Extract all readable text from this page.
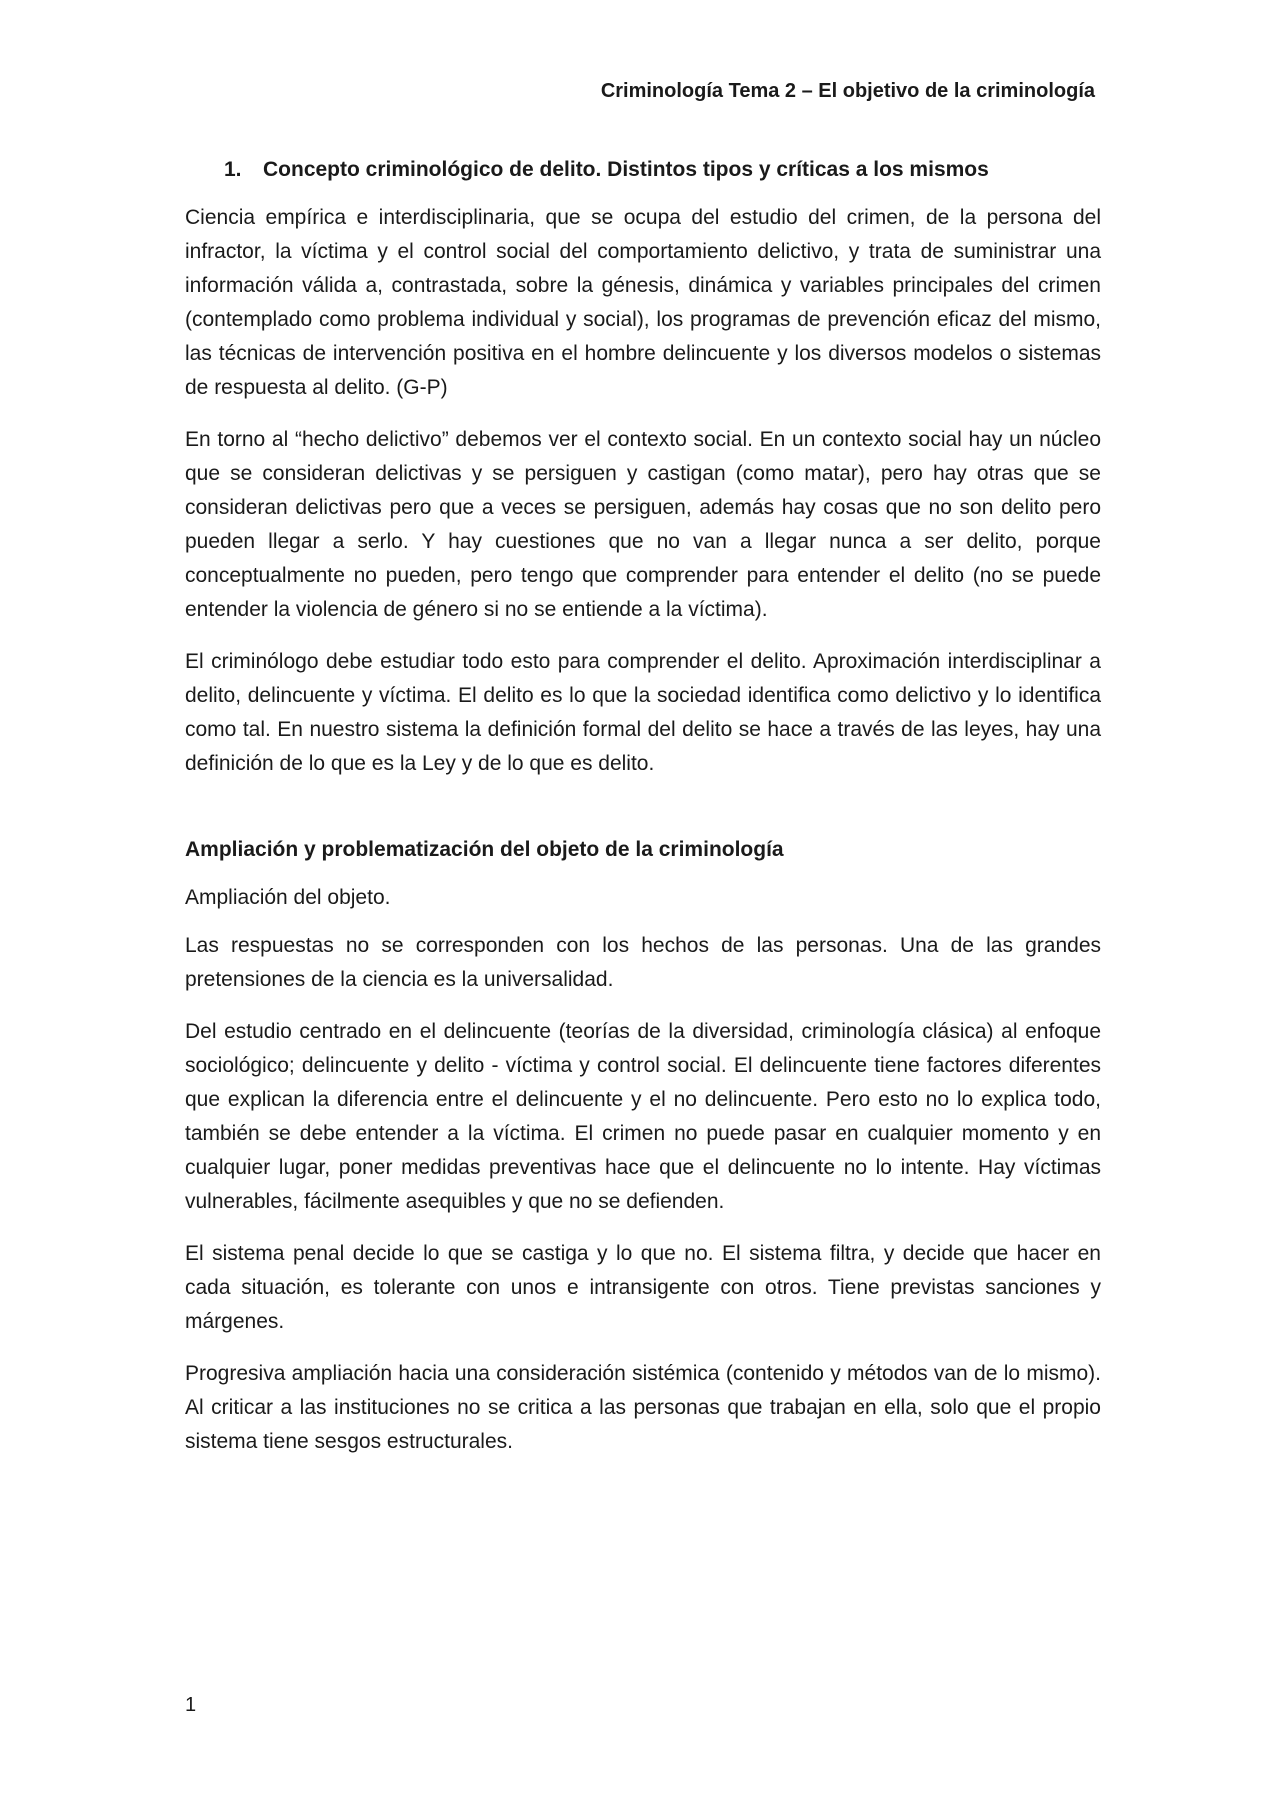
Criminología Tema 2 – El objetivo de la criminología
1. Concepto criminológico de delito. Distintos tipos y críticas a los mismos

Ciencia empírica e interdisciplinaria, que se ocupa del estudio del crimen, de la persona del infractor, la víctima y el control social del comportamiento delictivo, y trata de suministrar una información válida a, contrastada, sobre la génesis, dinámica y variables principales del crimen (contemplado como problema individual y social), los programas de prevención eficaz del mismo, las técnicas de intervención positiva en el hombre delincuente y los diversos modelos o sistemas de respuesta al delito. (G-P)

En torno al “hecho delictivo” debemos ver el contexto social. En un contexto social hay un núcleo que se consideran delictivas y se persiguen y castigan (como matar), pero hay otras que se consideran delictivas pero que a veces se persiguen, además hay cosas que no son delito pero pueden llegar a serlo. Y hay cuestiones que no van a llegar nunca a ser delito, porque conceptualmente no pueden, pero tengo que comprender para entender el delito (no se puede entender la violencia de género si no se entiende a la víctima).

El criminólogo debe estudiar todo esto para comprender el delito. Aproximación interdisciplinar a delito, delincuente y víctima. El delito es lo que la sociedad identifica como delictivo y lo identifica como tal. En nuestro sistema la definición formal del delito se hace a través de las leyes, hay una definición de lo que es la Ley y de lo que es delito.

Ampliación y problematización del objeto de la criminología

Ampliación del objeto.

Las respuestas no se corresponden con los hechos de las personas. Una de las grandes pretensiones de la ciencia es la universalidad.

Del estudio centrado en el delincuente (teorías de la diversidad, criminología clásica) al enfoque sociológico; delincuente y delito - víctima y control social. El delincuente tiene factores diferentes que explican la diferencia entre el delincuente y el no delincuente. Pero esto no lo explica todo, también se debe entender a la víctima. El crimen no puede pasar en cualquier momento y en cualquier lugar, poner medidas preventivas hace que el delincuente no lo intente. Hay víctimas vulnerables, fácilmente asequibles y que no se defienden.

El sistema penal decide lo que se castiga y lo que no. El sistema filtra, y decide que hacer en cada situación, es tolerante con unos e intransigente con otros. Tiene previstas sanciones y márgenes.

Progresiva ampliación hacia una consideración sistémica (contenido y métodos van de lo mismo). Al criticar a las instituciones no se critica a las personas que trabajan en ella, solo que el propio sistema tiene sesgos estructurales.

1
